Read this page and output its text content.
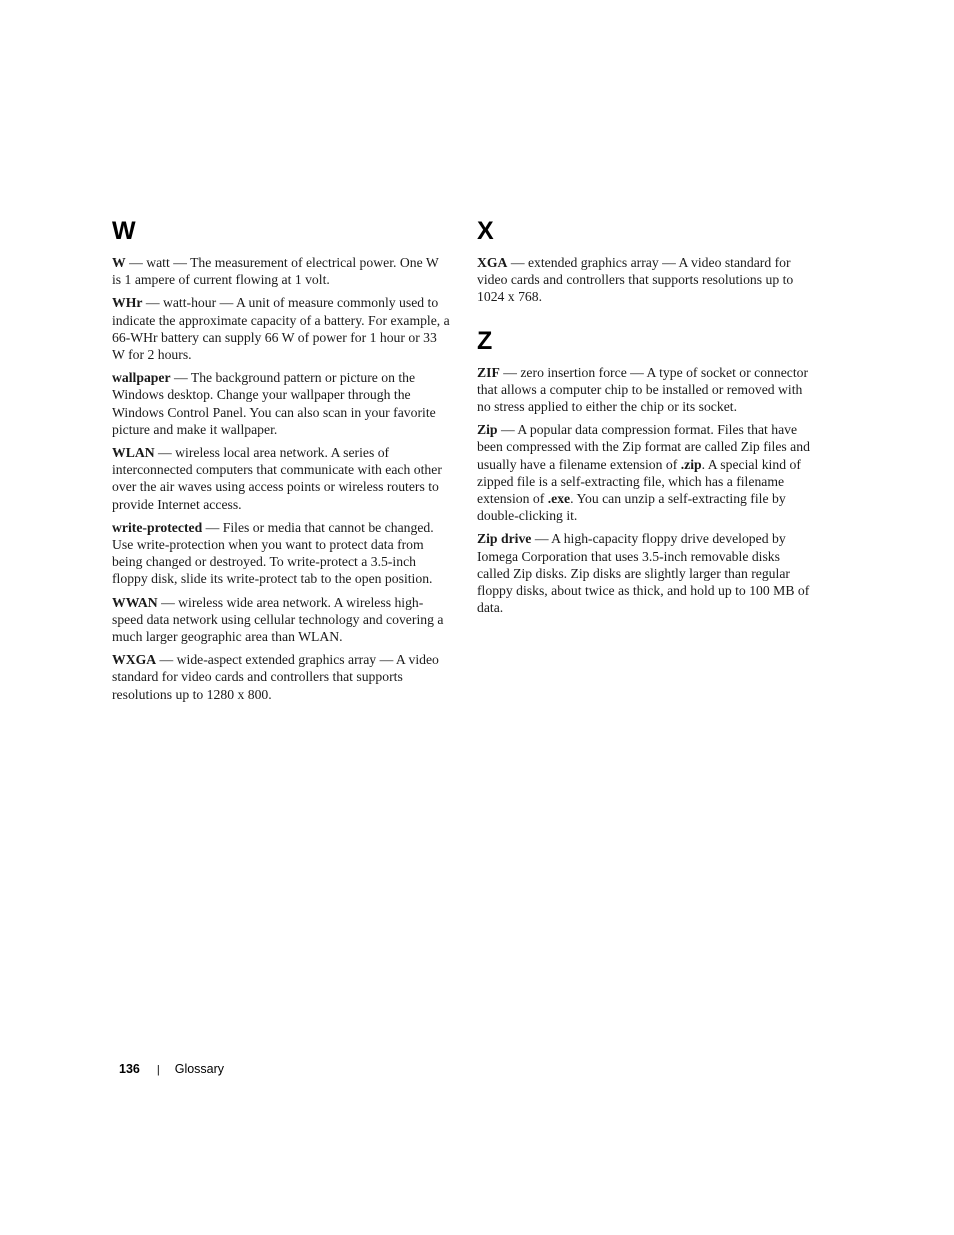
W

W — watt — The measurement of electrical power. One W is 1 ampere of current flowing at 1 volt.

WHr — watt-hour — A unit of measure commonly used to indicate the approximate capacity of a battery. For example, a 66-WHr battery can supply 66 W of power for 1 hour or 33 W for 2 hours.

wallpaper — The background pattern or picture on the Windows desktop. Change your wallpaper through the Windows Control Panel. You can also scan in your favorite picture and make it wallpaper.

WLAN — wireless local area network. A series of interconnected computers that communicate with each other over the air waves using access points or wireless routers to provide Internet access.

write-protected — Files or media that cannot be changed. Use write-protection when you want to protect data from being changed or destroyed. To write-protect a 3.5-inch floppy disk, slide its write-protect tab to the open position.

WWAN — wireless wide area network. A wireless high-speed data network using cellular technology and covering a much larger geographic area than WLAN.

WXGA — wide-aspect extended graphics array — A video standard for video cards and controllers that supports resolutions up to 1280 x 800.

X

XGA — extended graphics array — A video standard for video cards and controllers that supports resolutions up to 1024 x 768.

Z

ZIF — zero insertion force — A type of socket or connector that allows a computer chip to be installed or removed with no stress applied to either the chip or its socket.

Zip — A popular data compression format. Files that have been compressed with the Zip format are called Zip files and usually have a filename extension of .zip. A special kind of zipped file is a self-extracting file, which has a filename extension of .exe. You can unzip a self-extracting file by double-clicking it.

Zip drive — A high-capacity floppy drive developed by Iomega Corporation that uses 3.5-inch removable disks called Zip disks. Zip disks are slightly larger than regular floppy disks, about twice as thick, and hold up to 100 MB of data.

136 | Glossary
